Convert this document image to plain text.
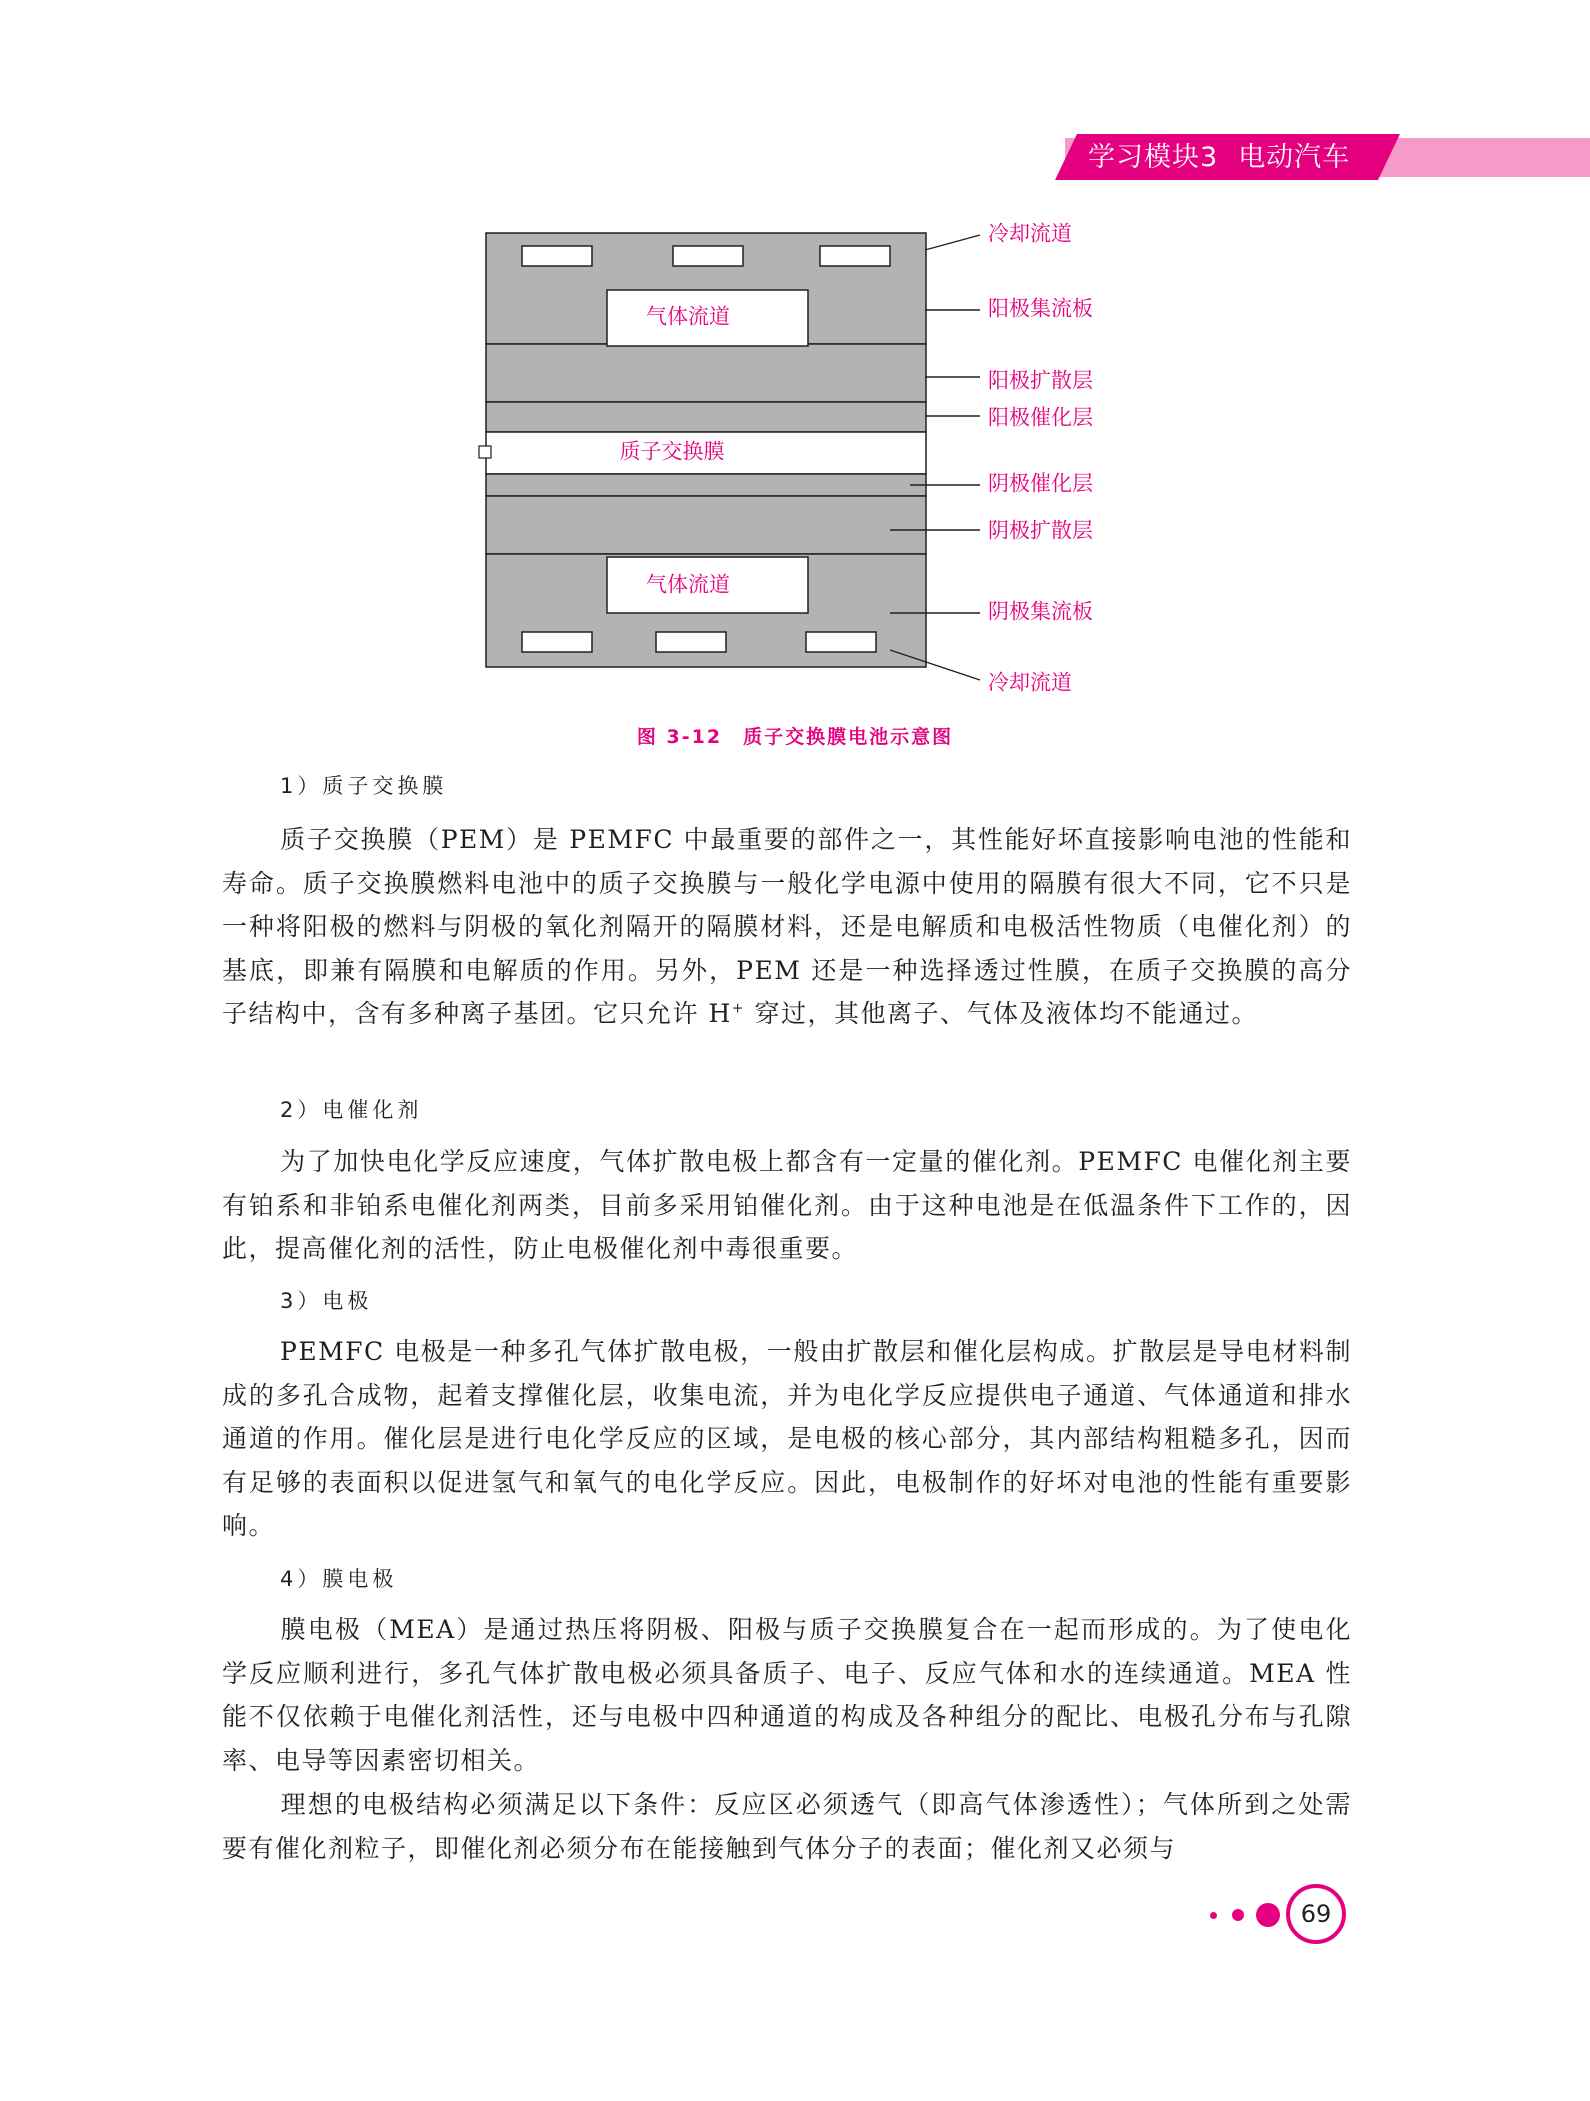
学习模块3 电动汽车
气体流道
质子交换膜
气体流道
冷却流道
阳极集流板
阳极扩散层
阳极催化层
阴极催化层
阴极扩散层
阴极集流板
冷却流道
图 3-12　质子交换膜电池示意图

1）质子交换膜

质子交换膜（PEM）是 PEMFC 中最重要的部件之一，其性能好坏直接影响电池的性能和寿命。质子交换膜燃料电池中的质子交换膜与一般化学电源中使用的隔膜有很大不同，它不只是一种将阳极的燃料与阴极的氧化剂隔开的隔膜材料，还是电解质和电极活性物质（电催化剂）的基底，即兼有隔膜和电解质的作用。另外，PEM 还是一种选择透过性膜，在质子交换膜的高分子结构中，含有多种离子基团。它只允许 H+ 穿过，其他离子、气体及液体均不能通过。

2）电催化剂

为了加快电化学反应速度，气体扩散电极上都含有一定量的催化剂。PEMFC 电催化剂主要有铂系和非铂系电催化剂两类，目前多采用铂催化剂。由于这种电池是在低温条件下工作的，因此，提高催化剂的活性，防止电极催化剂中毒很重要。

3）电极

PEMFC 电极是一种多孔气体扩散电极，一般由扩散层和催化层构成。扩散层是导电材料制成的多孔合成物，起着支撑催化层，收集电流，并为电化学反应提供电子通道、气体通道和排水通道的作用。催化层是进行电化学反应的区域，是电极的核心部分，其内部结构粗糙多孔，因而有足够的表面积以促进氢气和氧气的电化学反应。因此，电极制作的好坏对电池的性能有重要影响。

4）膜电极

膜电极（MEA）是通过热压将阴极、阳极与质子交换膜复合在一起而形成的。为了使电化学反应顺利进行，多孔气体扩散电极必须具备质子、电子、反应气体和水的连续通道。MEA 性能不仅依赖于电催化剂活性，还与电极中四种通道的构成及各种组分的配比、电极孔分布与孔隙率、电导等因素密切相关。

理想的电极结构必须满足以下条件：反应区必须透气（即高气体渗透性）；气体所到之处需要有催化剂粒子，即催化剂必须分布在能接触到气体分子的表面；催化剂又必须与

69
